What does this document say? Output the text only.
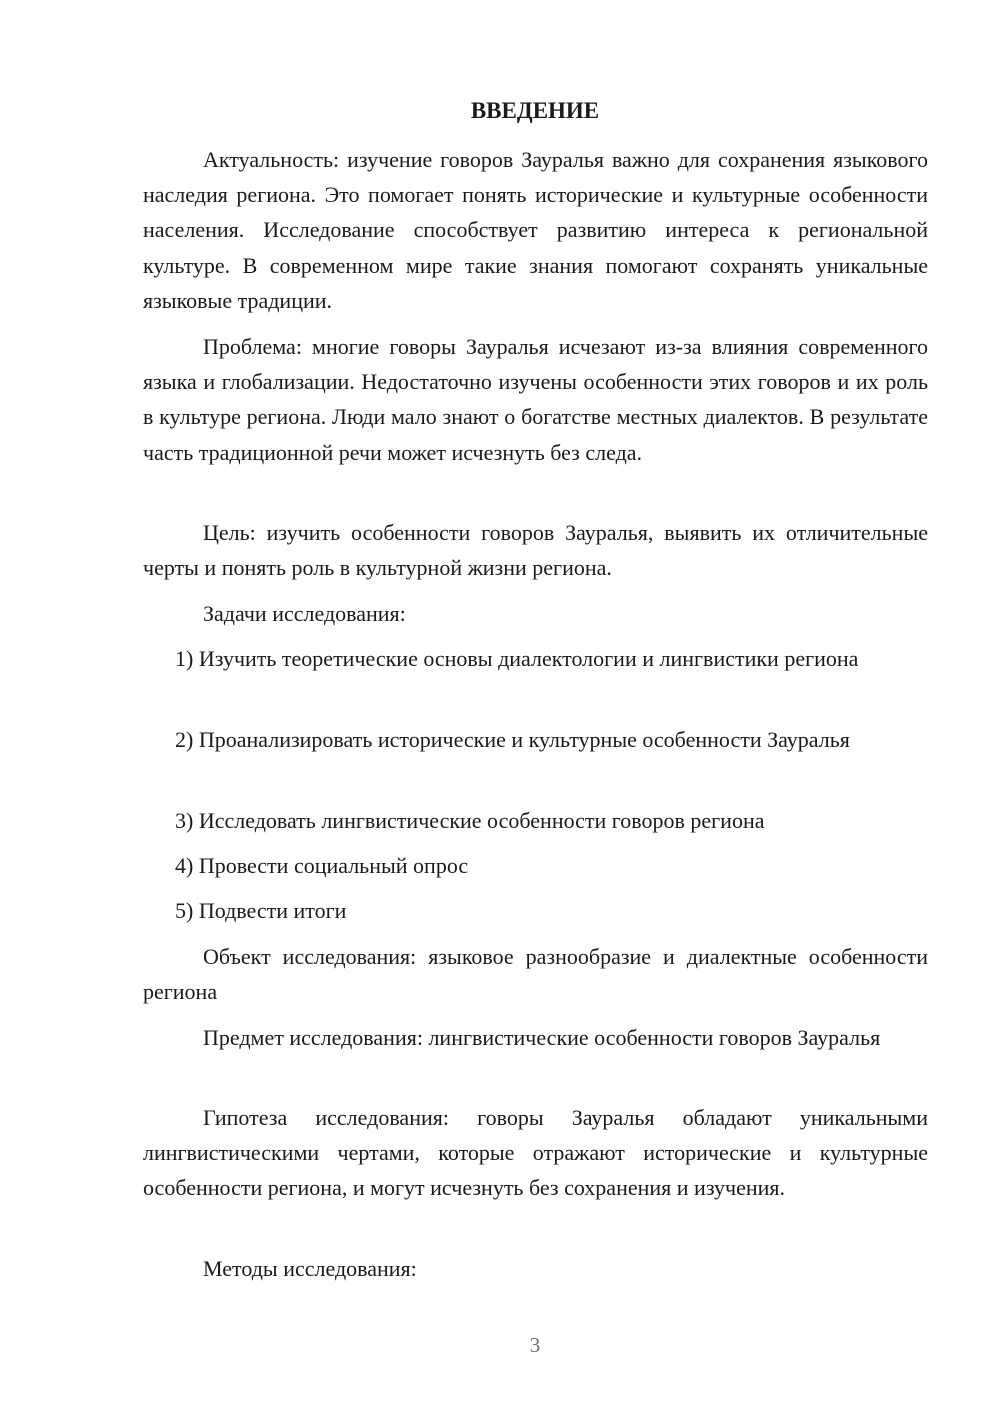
ВВЕДЕНИЕ

Актуальность: изучение говоров Зауралья важно для сохранения языкового наследия региона. Это помогает понять исторические и культурные особенности населения. Исследование способствует развитию интереса к региональной культуре. В современном мире такие знания помогают сохранять уникальные языковые традиции.

Проблема: многие говоры Зауралья исчезают из-за влияния современного языка и глобализации. Недостаточно изучены особенности этих говоров и их роль в культуре региона. Люди мало знают о богатстве местных диалектов. В результате часть традиционной речи может исчезнуть без следа.

Цель: изучить особенности говоров Зауралья, выявить их отличительные черты и понять роль в культурной жизни региона.

Задачи исследования:

1) Изучить теоретические основы диалектологии и лингвистики региона

2) Проанализировать исторические и культурные особенности Зауралья

3) Исследовать лингвистические особенности говоров региона

4) Провести социальный опрос

5) Подвести итоги

Объект исследования: языковое разнообразие и диалектные особенности региона

Предмет исследования: лингвистические особенности говоров Зауралья

Гипотеза исследования: говоры Зауралья обладают уникальными лингвистическими чертами, которые отражают исторические и культурные особенности региона, и могут исчезнуть без сохранения и изучения.

Методы исследования:

3
